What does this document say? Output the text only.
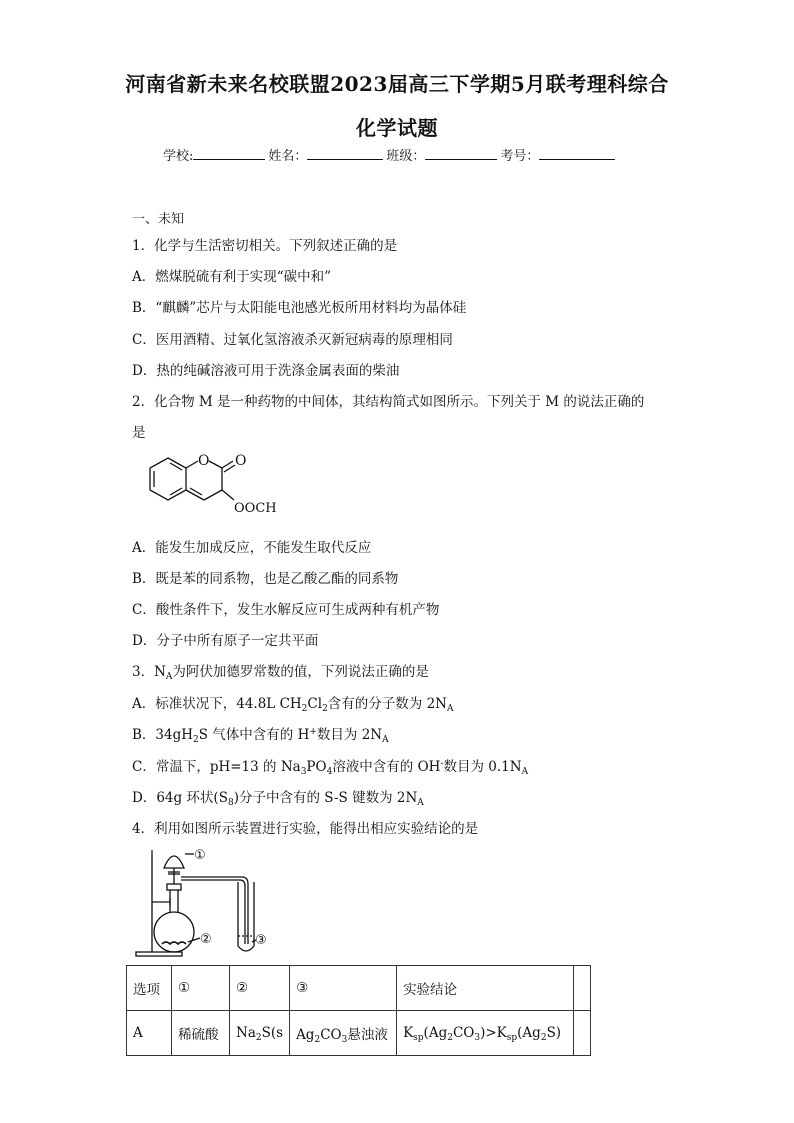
河南省新未来名校联盟2023届高三下学期5月联考理科综合
化学试题
学校:	姓名：	班级：	考号：
一、未知
1．化学与生活密切相关。下列叙述正确的是
A．燃煤脱硫有利于实现“碳中和”
B．“麒麟”芯片与太阳能电池感光板所用材料均为晶体硅
C．医用酒精、过氧化氢溶液杀灭新冠病毒的原理相同
D．热的纯碱溶液可用于洗涤金属表面的柴油
2．化合物 M 是一种药物的中间体，其结构简式如图所示。下列关于 M 的说法正确的
是
O O
OOCH
A．能发生加成反应，不能发生取代反应
B．既是苯的同系物，也是乙酸乙酯的同系物
C．酸性条件下，发生水解反应可生成两种有机产物
D．分子中所有原子一定共平面
3．$N_A$为阿伏加德罗常数的值，下列说法正确的是
A．标准状况下，44.8L $CH_2Cl_2$含有的分子数为 $2N_A$
B．$34gH_2S$ 气体中含有的 H+数目为 $2N_A$
C．常温下，pH=13 的 $Na_3PO_4$溶液中含有的 OH-数目为 $0.1N_A$
D．64g 环状$(S_8)$分子中含有的 S-S 键数为 $2N_A$
4．利用如图所示装置进行实验，能得出相应实验结论的是
①
②	③
选项	①	②	③	实验结论	
A	稀硫酸	$Na_2S(s$	$Ag_2CO_3$悬浊液	$K_{sp}(Ag_2CO_3)>K_{sp}(Ag_2S)$	
